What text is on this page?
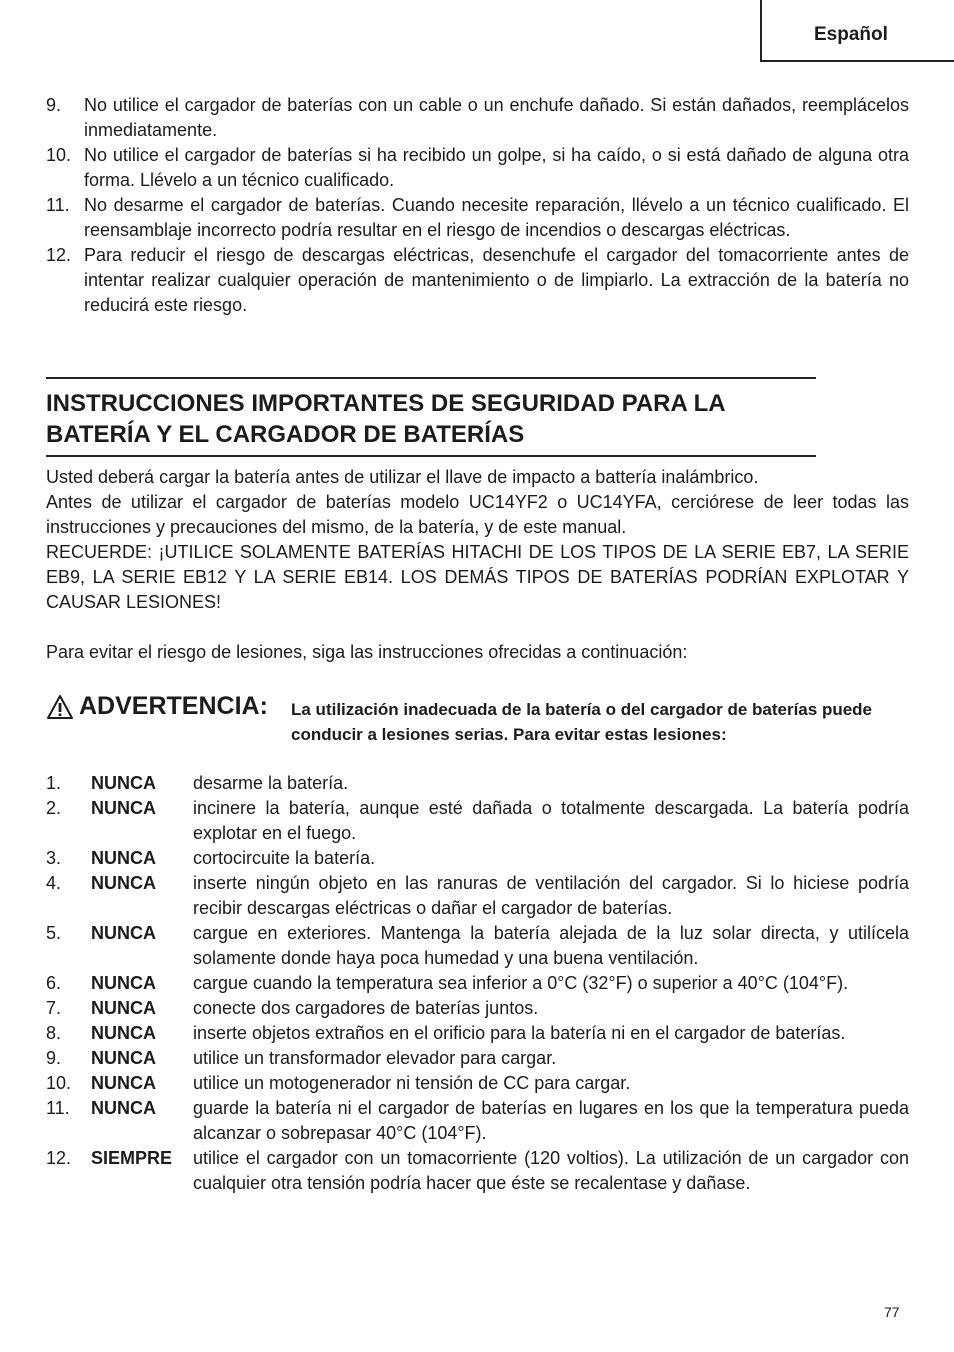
Español
9.	No utilice el cargador de baterías con un cable o un enchufe dañado. Si están dañados, reemplácelos inmediatamente.
10. No utilice el cargador de baterías si ha recibido un golpe, si ha caído, o si está dañado de alguna otra forma. Llévelo a un técnico cualificado.
11. No desarme el cargador de baterías. Cuando necesite reparación, llévelo a un técnico cualificado. El reensamblaje incorrecto podría resultar en el riesgo de incendios o descargas eléctricas.
12. Para reducir el riesgo de descargas eléctricas, desenchufe el cargador del tomacorriente antes de intentar realizar cualquier operación de mantenimiento o de limpiarlo. La extracción de la batería no reducirá este riesgo.
INSTRUCCIONES IMPORTANTES DE SEGURIDAD PARA LA
BATERÍA Y EL CARGADOR DE BATERÍAS

Usted deberá cargar la batería antes de utilizar el llave de impacto a battería inalámbrico.
Antes de utilizar el cargador de baterías modelo UC14YF2 o UC14YFA, cerciórese de leer todas las instrucciones y precauciones del mismo, de la batería, y de este manual.
RECUERDE: ¡UTILICE SOLAMENTE BATERÍAS HITACHI DE LOS TIPOS DE LA SERIE EB7, LA SERIE EB9, LA SERIE EB12 Y LA SERIE EB14. LOS DEMÁS TIPOS DE BATERÍAS PODRÍAN EXPLOTAR Y CAUSAR LESIONES!

Para evitar el riesgo de lesiones, siga las instrucciones ofrecidas a continuación:

ADVERTENCIA: La utilización inadecuada de la batería o del cargador de baterías puede conducir a lesiones serias. Para evitar estas lesiones:
1.	NUNCA	desarme la batería.
2.	NUNCA	incinere la batería, aunque esté dañada o totalmente descargada. La batería podría explotar en el fuego.
3.	NUNCA	cortocircuite la batería.
4.	NUNCA	inserte ningún objeto en las ranuras de ventilación del cargador. Si lo hiciese podría recibir descargas eléctricas o dañar el cargador de baterías.
5.	NUNCA	cargue en exteriores. Mantenga la batería alejada de la luz solar directa, y utilícela solamente donde haya poca humedad y una buena ventilación.
6.	NUNCA	cargue cuando la temperatura sea inferior a 0°C (32°F) o superior a 40°C (104°F).
7.	NUNCA	conecte dos cargadores de baterías juntos.
8.	NUNCA	inserte objetos extraños en el orificio para la batería ni en el cargador de baterías.
9.	NUNCA	utilice un transformador elevador para cargar.
10.	NUNCA	utilice un motogenerador ni tensión de CC para cargar.
11.	NUNCA	guarde la batería ni el cargador de baterías en lugares en los que la temperatura pueda alcanzar o sobrepasar 40°C (104°F).
12.	SIEMPRE	utilice el cargador con un tomacorriente (120 voltios). La utilización de un cargador con cualquier otra tensión podría hacer que éste se recalentase y dañase.
77
